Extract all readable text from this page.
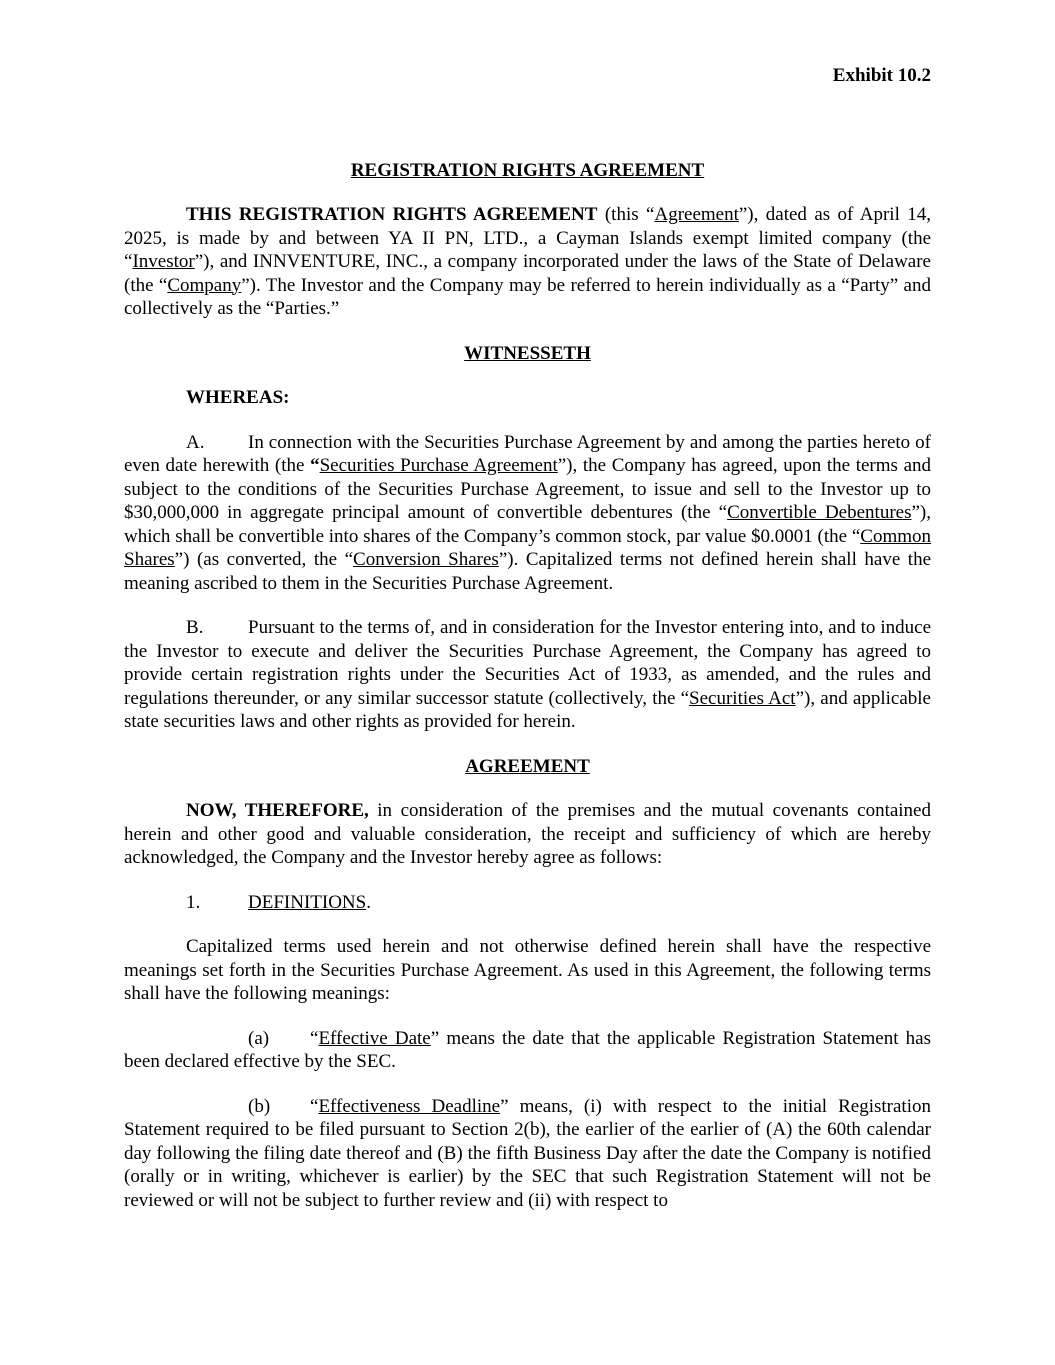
Exhibit 10.2

REGISTRATION RIGHTS AGREEMENT

THIS REGISTRATION RIGHTS AGREEMENT (this “Agreement”), dated as of April 14, 2025, is made by and between YA II PN, LTD., a Cayman Islands exempt limited company (the “Investor”), and INNVENTURE, INC., a company incorporated under the laws of the State of Delaware (the “Company”). The Investor and the Company may be referred to herein individually as a “Party” and collectively as the “Parties.”

WITNESSETH

WHEREAS:

A. In connection with the Securities Purchase Agreement by and among the parties hereto of even date herewith (the “Securities Purchase Agreement”), the Company has agreed, upon the terms and subject to the conditions of the Securities Purchase Agreement, to issue and sell to the Investor up to $30,000,000 in aggregate principal amount of convertible debentures (the “Convertible Debentures”), which shall be convertible into shares of the Company’s common stock, par value $0.0001 (the “Common Shares”) (as converted, the “Conversion Shares”). Capitalized terms not defined herein shall have the meaning ascribed to them in the Securities Purchase Agreement.

B. Pursuant to the terms of, and in consideration for the Investor entering into, and to induce the Investor to execute and deliver the Securities Purchase Agreement, the Company has agreed to provide certain registration rights under the Securities Act of 1933, as amended, and the rules and regulations thereunder, or any similar successor statute (collectively, the “Securities Act”), and applicable state securities laws and other rights as provided for herein.

AGREEMENT

NOW, THEREFORE, in consideration of the premises and the mutual covenants contained herein and other good and valuable consideration, the receipt and sufficiency of which are hereby acknowledged, the Company and the Investor hereby agree as follows:

1.	DEFINITIONS.

Capitalized terms used herein and not otherwise defined herein shall have the respective meanings set forth in the Securities Purchase Agreement. As used in this Agreement, the following terms shall have the following meanings:

(a) “Effective Date” means the date that the applicable Registration Statement has been declared effective by the SEC.

(b) “Effectiveness Deadline” means, (i) with respect to the initial Registration Statement required to be filed pursuant to Section 2(b), the earlier of the earlier of (A) the 60th calendar day following the filing date thereof and (B) the fifth Business Day after the date the Company is notified (orally or in writing, whichever is earlier) by the SEC that such Registration Statement will not be reviewed or will not be subject to further review and (ii) with respect to
